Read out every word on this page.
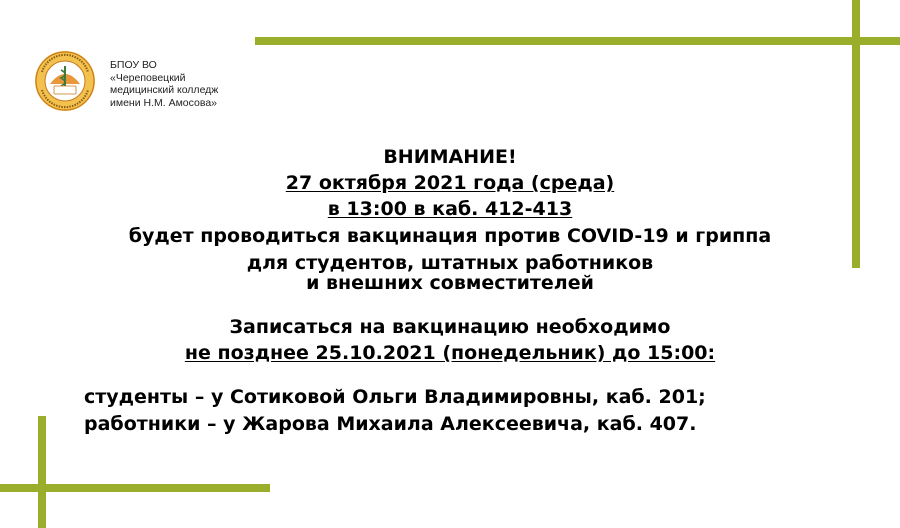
БПОУ ВО
«Череповецкий
медицинский колледж
имени Н.М. Амосова»
ВНИМАНИЕ!
27 октября 2021 года (среда)
в 13:00 в каб. 412-413
будет проводиться вакцинация против COVID-19 и гриппа
для студентов, штатных работников
и внешних совместителей
Записаться на вакцинацию необходимо
не позднее 25.10.2021 (понедельник) до 15:00:
студенты – у Сотиковой Ольги Владимировны, каб. 201;
работники – у Жарова Михаила Алексеевича, каб. 407.
